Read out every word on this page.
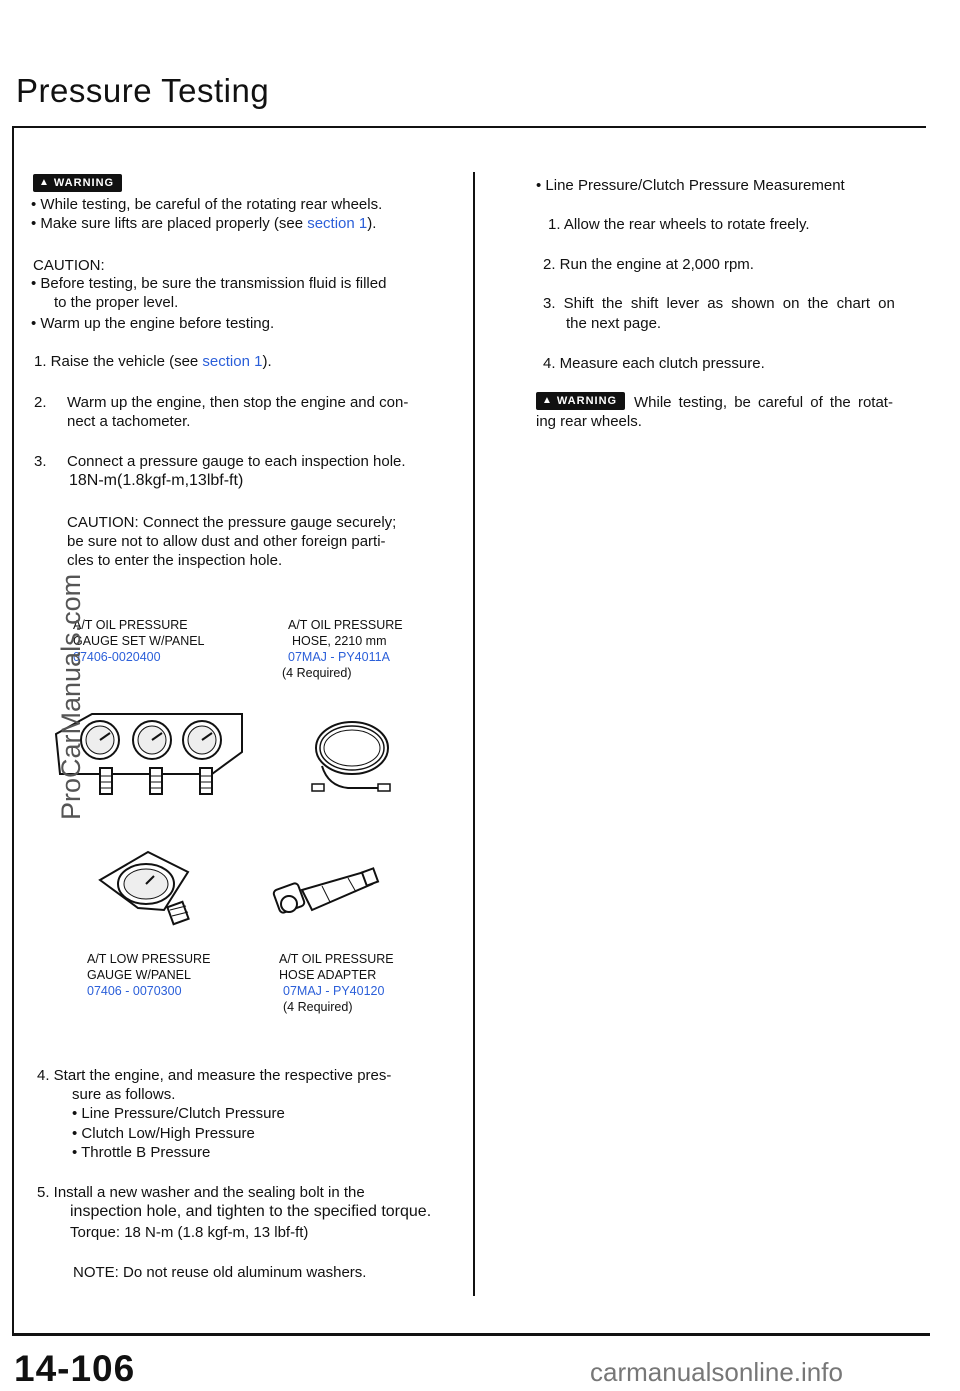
Pressure Testing
▲ WARNING
• While testing, be careful of the rotating rear wheels.
• Make sure lifts are placed properly (see section 1).
CAUTION:
• Before testing, be sure the transmission fluid is filled
to the proper level.
• Warm up the engine before testing.
1. Raise the vehicle (see section 1).
2. Warm up the engine, then stop the engine and con-
nect a tachometer.
3. Connect a pressure gauge to each inspection hole.
18N-m(1.8kgf-m,13lbf-ft)
CAUTION: Connect the pressure gauge securely;
be sure not to allow dust and other foreign parti-
cles to enter the inspection hole.
A/T OIL PRESSURE
GAUGE SET W/PANEL
07406-0020400
A/T OIL PRESSURE
HOSE, 2210 mm
07MAJ - PY4011A
(4 Required)
A/T LOW PRESSURE
GAUGE W/PANEL
07406 - 0070300
A/T OIL PRESSURE
HOSE ADAPTER
07MAJ - PY40120
(4 Required)
4. Start the engine, and measure the respective pres-
sure as follows.
• Line Pressure/Clutch Pressure
• Clutch Low/High Pressure
• Throttle B Pressure
5. Install a new washer and the sealing bolt in the
inspection hole, and tighten to the specified torque.
Torque: 18 N-m (1.8 kgf-m, 13 lbf-ft)
NOTE: Do not reuse old aluminum washers.
• Line Pressure/Clutch Pressure Measurement
1. Allow the rear wheels to rotate freely.
2. Run the engine at 2,000 rpm.
3. Shift the shift lever as shown on the chart on
the next page.
4. Measure each clutch pressure.
▲ WARNING While testing, be careful of the rotat-
ing rear wheels.
14-106
ProCarManuals.com
carmanualsonline.info
